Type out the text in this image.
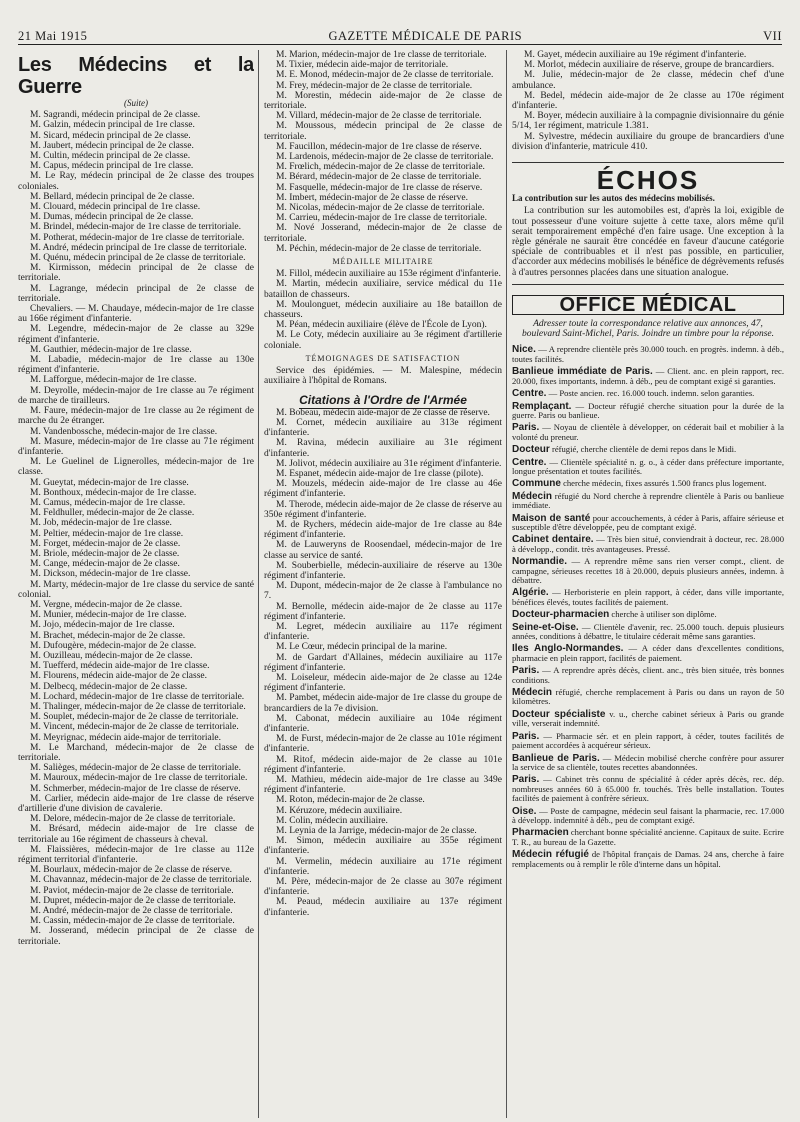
21 Mai 1915	GAZETTE MÉDICALE DE PARIS	VII
Les Médecins et la Guerre
(Suite)

M. Sagrandi, médecin principal de 2e classe.

M. Galzin, médecin principal de 1re classe.

M. Sicard, médecin principal de 2e classe.

M. Jaubert, médecin principal de 2e classe.

M. Cultin, médecin principal de 2e classe.

M. Capus, médecin principal de 1re classe.

M. Le Ray, médecin principal de 2e classe des troupes coloniales.

M. Bellard, médecin principal de 2e classe.

M. Clouard, médecin principal de 1re classe.

M. Dumas, médecin principal de 2e classe.

M. Brindel, médecin-major de 1re classe de territoriale.

M. Potherat, médecin-major de 1re classe de territoriale.

M. André, médecin principal de 1re classe de territoriale.

M. Quénu, médecin principal de 2e classe de territoriale.

M. Kirmisson, médecin principal de 2e classe de territoriale.

M. Lagrange, médecin principal de 2e classe de territoriale.

Chevaliers. — M. Chaudaye, médecin-major de 1re classe au 166e régiment d'infanterie.

M. Legendre, médecin-major de 2e classe au 329e régiment d'infanterie.

M. Gauthier, médecin-major de 1re classe.

M. Labadie, médecin-major de 1re classe au 130e régiment d'infanterie.

M. Lafforgue, médecin-major de 1re classe.

M. Deyrolle, médecin-major de 1re classe au 7e régiment de marche de tirailleurs.

M. Faure, médecin-major de 1re classe au 2e régiment de marche du 2e étranger.

M. Vandenbossche, médecin-major de 1re classe.

M. Masure, médecin-major de 1re classe au 71e régiment d'infanterie.

M. Le Guelinel de Lignerolles, médecin-major de 1re classe.

M. Gueytat, médecin-major de 1re classe.

M. Bonthoux, médecin-major de 1re classe.

M. Camus, médecin-major de 1re classe.

M. Feldhuller, médecin-major de 2e classe.

M. Job, médecin-major de 1re classe.

M. Peltier, médecin-major de 1re classe.

M. Forget, médecin-major de 2e classe.

M. Briole, médecin-major de 2e classe.

M. Cange, médecin-major de 2e classe.

M. Dickson, médecin-major de 1re classe.

M. Marty, médecin-major de 1re classe du service de santé colonial.

M. Vergne, médecin-major de 2e classe.

M. Munier, médecin-major de 1re classe.

M. Jojo, médecin-major de 1re classe.

M. Brachet, médecin-major de 2e classe.

M. Dufougère, médecin-major de 2e classe.

M. Ouzilleau, médecin-major de 2e classe.

M. Tuefferd, médecin aide-major de 1re classe.

M. Flourens, médecin aide-major de 2e classe.

M. Delbecq, médecin-major de 2e classe.

M. Lochard, médecin-major de 1re classe de territoriale.

M. Thalinger, médecin-major de 2e classe de territoriale.

M. Souplet, médecin-major de 2e classe de territoriale.

M. Vincent, médecin-major de 2e classe de territoriale.

M. Meyrignac, médecin aide-major de territoriale.

M. Le Marchand, médecin-major de 2e classe de territoriale.

M. Salièges, médecin-major de 2e classe de territoriale.

M. Mauroux, médecin-major de 1re classe de territoriale.

M. Schmerber, médecin-major de 1re classe de réserve.

M. Carlier, médecin aide-major de 1re classe de réserve d'artillerie d'une division de cavalerie.

M. Delore, médecin-major de 2e classe de territoriale.

M. Brésard, médecin aide-major de 1re classe de territoriale au 16e régiment de chasseurs à cheval.

M. Flaissières, médecin-major de 1re classe au 112e régiment territorial d'infanterie.

M. Bourlaux, médecin-major de 2e classe de réserve.

M. Chavannaz, médecin-major de 2e classe de territoriale.

M. Paviot, médecin-major de 2e classe de territoriale.

M. Dupret, médecin-major de 2e classe de territoriale.

M. André, médecin-major de 2e classe de territoriale.

M. Cassin, médecin-major de 2e classe de territoriale.

M. Josserand, médecin principal de 2e classe de territoriale.

M. Marion, médecin-major de 1re classe de territoriale.

M. Tixier, médecin aide-major de territoriale.

M. E. Monod, médecin-major de 2e classe de territoriale.

M. Frey, médecin-major de 2e classe de territoriale.

M. Morestin, médecin aide-major de 2e classe de territoriale.

M. Villard, médecin-major de 2e classe de territoriale.

M. Moussous, médecin principal de 2e classe de territoriale.

M. Faucillon, médecin-major de 1re classe de réserve.

M. Lardenois, médecin-major de 2e classe de territoriale.

M. Frœlich, médecin-major de 2e classe de territoriale.

M. Bérard, médecin-major de 2e classe de territoriale.

M. Fasquelle, médecin-major de 1re classe de réserve.

M. Imbert, médecin-major de 2e classe de réserve.

M. Nicolas, médecin-major de 2e classe de territoriale.

M. Carrieu, médecin-major de 1re classe de territoriale.

M. Nové Josserand, médecin-major de 2e classe de territoriale.

M. Péchin, médecin-major de 2e classe de territoriale.

MÉDAILLE MILITAIRE

M. Fillol, médecin auxiliaire au 153e régiment d'infanterie.

M. Martin, médecin auxiliaire, service médical du 11e bataillon de chasseurs.

M. Moulonguet, médecin auxiliaire au 18e bataillon de chasseurs.

M. Péan, médecin auxiliaire (élève de l'École de Lyon).

M. Le Coty, médecin auxiliaire au 3e régiment d'artillerie coloniale.

TÉMOIGNAGES DE SATISFACTION

Service des épidémies. — M. Malespine, médecin auxiliaire à l'hôpital de Romans.

Citations à l'Ordre de l'Armée

M. Bobeau, médecin aide-major de 2e classe de réserve.

M. Cornet, médecin auxiliaire au 313e régiment d'infanterie.

M. Ravina, médecin auxiliaire au 31e régiment d'infanterie.

M. Jolivot, médecin auxiliaire au 31e régiment d'infanterie.

M. Espanet, médecin aide-major de 1re classe (pilote).

M. Mouzels, médecin aide-major de 1re classe au 46e régiment d'infanterie.

M. Therode, médecin aide-major de 2e classe de réserve au 350e régiment d'infanterie.

M. de Rychers, médecin aide-major de 1re classe au 84e régiment d'infanterie.

M. de Lauweryns de Roosendael, médecin-major de 1re classe au service de santé.

M. Souberbielle, médecin-auxiliaire de réserve au 130e régiment d'infanterie.

M. Dupont, médecin-major de 2e classe à l'ambulance no 7.

M. Bernolle, médecin aide-major de 2e classe au 117e régiment d'infanterie.

M. Legret, médecin auxiliaire au 117e régiment d'infanterie.

M. Le Cœur, médecin principal de la marine.

M. de Gardart d'Allaines, médecin auxiliaire au 117e régiment d'infanterie.

M. Loiseleur, médecin aide-major de 2e classe au 124e régiment d'infanterie.

M. Pambet, médecin aide-major de 1re classe du groupe de brancardiers de la 7e division.

M. Cabonat, médecin auxiliaire au 104e régiment d'infanterie.

M. de Furst, médecin-major de 2e classe au 101e régiment d'infanterie.

M. Ritof, médecin aide-major de 2e classe au 101e régiment d'infanterie.

M. Mathieu, médecin aide-major de 1re classe au 349e régiment d'infanterie.

M. Roton, médecin-major de 2e classe.

M. Kéruzore, médecin auxiliaire.

M. Colin, médecin auxiliaire.

M. Leynia de la Jarrige, médecin-major de 2e classe.

M. Simon, médecin auxiliaire au 355e régiment d'infanterie.

M. Vermelin, médecin auxiliaire au 171e régiment d'infanterie.

M. Père, médecin-major de 2e classe au 307e régiment d'infanterie.

M. Peaud, médecin auxiliaire au 137e régiment d'infanterie.

M. Gayet, médecin auxiliaire au 19e régiment d'infanterie.

M. Morlot, médecin auxiliaire de réserve, groupe de brancardiers.

M. Julie, médecin-major de 2e classe, médecin chef d'une ambulance.

M. Bedel, médecin aide-major de 2e classe au 170e régiment d'infanterie.

M. Boyer, médecin auxiliaire à la compagnie divisionnaire du génie 5/14, 1er régiment, matricule 1.381.

M. Sylvestre, médecin auxiliaire du groupe de brancardiers d'une division d'infanterie, matricule 410.

ÉCHOS

La contribution sur les autos des médecins mobilisés.

La contribution sur les automobiles est, d'après la loi, exigible de tout possesseur d'une voiture sujette à cette taxe, alors même qu'il serait temporairement empêché d'en faire usage. Une exception à la règle générale ne saurait être concédée en faveur d'aucune catégorie spéciale de contribuables et il n'est pas possible, en particulier, d'accorder aux médecins mobilisés le bénéfice de dégrèvements refusés à d'autres personnes placées dans une situation analogue.

OFFICE MÉDICAL
Adresser toute la correspondance relative aux annonces, 47, boulevard Saint-Michel, Paris. Joindre un timbre pour la réponse.

Nice. — A reprendre clientèle près 30.000 touch. en progrès. indemn. à déb., toutes facilités.

Banlieue immédiate de Paris. — Client. anc. en plein rapport, rec. 20.000, fixes importants, indemn. à déb., peu de comptant exigé si garanties.

Centre. — Poste ancien. rec. 16.000 touch. indemn. selon garanties.

Remplaçant. — Docteur réfugié cherche situation pour la durée de la guerre. Paris ou banlieue.

Paris. — Noyau de clientèle à développer, on céderait bail et mobilier à la volonté du preneur.

Docteur réfugié, cherche clientèle de demi repos dans le Midi.

Centre. — Clientèle spécialité n. g. o., à céder dans préfecture importante, longue présentation et toutes facilités.

Commune cherche médecin, fixes assurés 1.500 francs plus logement.

Médecin réfugié du Nord cherche à reprendre clientèle à Paris ou banlieue immédiate.

Maison de santé pour accouchements, à céder à Paris, affaire sérieuse et susceptible d'être développée, peu de comptant exigé.

Cabinet dentaire. — Très bien situé, conviendrait à docteur, rec. 28.000 à développ., condit. très avantageuses. Pressé.

Normandie. — A reprendre même sans rien verser compt., client. de campagne, sérieuses recettes 18 à 20.000, depuis plusieurs années, indemn. à débattre.

Algérie. — Herboristerie en plein rapport, à céder, dans ville importante, bénéfices élevés, toutes facilités de paiement.

Docteur-pharmacien cherche à utiliser son diplôme.

Seine-et-Oise. — Clientèle d'avenir, rec. 25.000 touch. depuis plusieurs années, conditions à débattre, le titulaire céderait même sans garanties.

Iles Anglo-Normandes. — A céder dans d'excellentes conditions, pharmacie en plein rapport, facilités de paiement.

Paris. — A reprendre après décès, client. anc., très bien située, très bonnes conditions.

Médecin réfugié, cherche remplacement à Paris ou dans un rayon de 50 kilomètres.

Docteur spécialiste v. u., cherche cabinet sérieux à Paris ou grande ville, verserait indemnité.

Paris. — Pharmacie sér. et en plein rapport, à céder, toutes facilités de paiement accordées à acquéreur sérieux.

Banlieue de Paris. — Médecin mobilisé cherche confrère pour assurer la service de sa clientèle, toutes recettes abandonnées.

Paris. — Cabinet très connu de spécialité à céder après décès, rec. dép. nombreuses années 60 à 65.000 fr. touchés. Très belle installation. Toutes facilités de paiement à confrère sérieux.

Oise. — Poste de campagne, médecin seul faisant la pharmacie, rec. 17.000 à développ. indemnité à déb., peu de comptant exigé.

Pharmacien cherchant bonne spécialité ancienne. Capitaux de suite. Ecrire T. R., au bureau de la Gazette.

Médecin réfugié de l'hôpital français de Damas. 24 ans, cherche à faire remplacements ou à remplir le rôle d'interne dans un hôpital.
